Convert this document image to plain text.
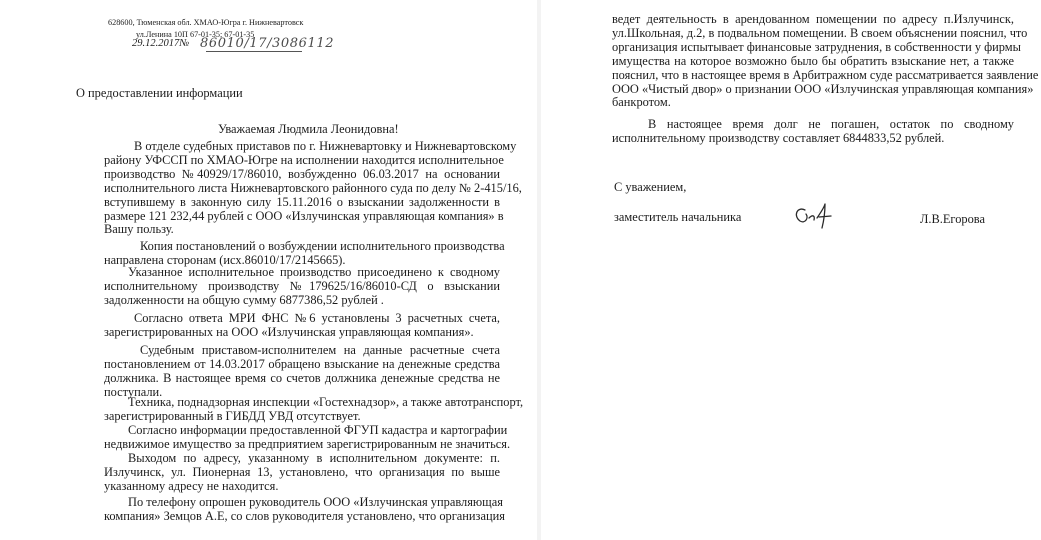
628600, Тюменская обл. ХМАО-Югра г. Нижневартовск
ул.Ленина 10П 67-01-35; 67-01-35
29.12.2017№ 86010/17/3086112
О предоставлении информации
Уважаемая Людмила Леонидовна!
В отделе судебных приставов по г. Нижневартовку и Нижневартовскому
району УФССП по ХМАО-Югре на исполнении находится исполнительное
производство №40929/17/86010, возбужденно 06.03.2017 на основании
исполнительного листа Нижневартовского районного суда по делу № 2-415/16,
вступившему в законную силу 15.11.2016 о взыскании задолженности в
размере 121 232,44 рублей с ООО «Излучинская управляющая компания» в
Вашу пользу.
Копия постановлений о возбуждении исполнительного производства
направлена сторонам (исх.86010/17/2145665).
Указанное исполнительное производство присоединено к сводному
исполнительному производству №179625/16/86010-СД о взыскании
задолженности на общую сумму 6877386,52 рублей .
Согласно ответа МРИ ФНС №6 установлены 3 расчетных счета,
зарегистрированных на ООО «Излучинская управляющая компания».
Судебным приставом-исполнителем на данные расчетные счета
постановлением от 14.03.2017 обращено взыскание на денежные средства
должника. В настоящее время со счетов должника денежные средства не
поступали.
Техника, поднадзорная инспекции «Гостехнадзор», а также автотранспорт,
зарегистрированный в ГИБДД УВД отсутствует.
Согласно информации предоставленной ФГУП кадастра и картографии
недвижимое имущество за предприятием зарегистрированным не значиться.
Выходом по адресу, указанному в исполнительном документе: п.
Излучинск, ул. Пионерная 13, установлено, что организация по выше
указанному адресу не находится.
По телефону опрошен руководитель ООО «Излучинская управляющая
компания» Земцов А.Е, со слов руководителя установлено, что организация
ведет деятельность в арендованном помещении по адресу п.Излучинск,
ул.Школьная, д.2, в подвальном помещении. В своем объяснении пояснил, что
организация испытывает финансовые затруднения, в собственности у фирмы
имущества на которое возможно было бы обратить взыскание нет, а также
пояснил, что в настоящее время в Арбитражном суде рассматривается заявление
ООО «Чистый двор» о признании ООО «Излучинская управляющая компания»
банкротом.
В настоящее время долг не погашен, остаток по сводному
исполнительному производству составляет 6844833,52 рублей.
С уважением,
заместитель начальника	Л.В.Егорова
